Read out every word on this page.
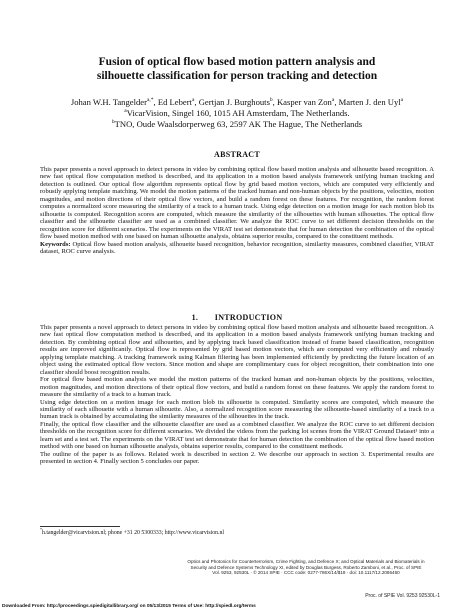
Fusion of optical flow based motion pattern analysis and
silhouette classification for person tracking and detection
Johan W.H. Tangelder$^{a,*}$, Ed Lebert$^a$, Gertjan J. Burghouts$^b$, Kasper van Zon$^a$, Marten J. den Uyl$^a$
$^a$VicarVision, Singel 160, 1015 AH Amsterdam, The Netherlands.
$^b$TNO, Oude Waalsdorperweg 63, 2597 AK The Hague, The Netherlands
ABSTRACT

This paper presents a novel approach to detect persons in video by combining optical flow based motion analysis and silhouette based recognition. A new fast optical flow computation method is described, and its application in a motion based analysis framework unifying human tracking and detection is outlined. Our optical flow algorithm represents optical flow by grid based motion vectors, which are computed very efficiently and robustly applying template matching. We model the motion patterns of the tracked human and non-human objects by the positions, velocities, motion magnitudes, and motion directions of their optical flow vectors, and build a random forest on these features. For recognition, the random forest computes a normalized score measuring the similarity of a track to a human track. Using edge detection on a motion image for each motion blob its silhouette is computed. Recognition scores are computed, which measure the similarity of the silhouettes with human silhouettes. The optical flow classifier and the silhouette classifier are used as a combined classifier. We analyze the ROC curve to set different decision thresholds on the recognition score for different scenarios. The experiments on the VIRAT test set demonstrate that for human detection the combination of the optical flow based motion method with one based on human silhouette analysis, obtains superior results, compared to the constituent methods.

Keywords: Optical flow based motion analysis, silhouette based recognition, behavior recognition, similarity measures, combined classifier, VIRAT dataset, ROC curve analysis.

1.  INTRODUCTION

This paper presents a novel approach to detect persons in video by combining optical flow based motion analysis and silhouette based recognition. A new fast optical flow computation method is described, and its application in a motion based analysis framework unifying human tracking and detection. By combining optical flow and silhouettes, and by applying track based classification instead of frame based classification, recognition results are improved significantly. Optical flow is represented by grid based motion vectors, which are computed very efficiently and robustly applying template matching. A tracking framework using Kalman filtering has been implemented efficiently by predicting the future location of an object using the estimated optical flow vectors. Since motion and shape are complimentary cues for object recognition, their combination into one classifier should boost recognition results.

For optical flow based motion analysis we model the motion patterns of the tracked human and non-human objects by the positions, velocities, motion magnitudes, and motion directions of their optical flow vectors, and build a random forest on these features. We apply the random forest to measure the similarity of a track to a human track.

Using edge detection on a motion image for each motion blob its silhouette is computed. Similarity scores are computed, which measure the similarity of each silhouette with a human silhouette. Also, a normalized recognition score measuring the silhouette-based similarity of a track to a human track is obtained by accumulating the similarity measures of the silhouettes in the track.

Finally, the optical flow classifier and the silhouette classifier are used as a combined classifier. We analyze the ROC curve to set different decision thresholds on the recognition score for different scenarios. We divided the videos from the parking lot scenes from the VIRAT Ground Dataset¹ into a learn set and a test set. The experiments on the VIRAT test set demonstrate that for human detection the combination of the optical flow based motion method with one based on human silhouette analysis, obtains superior results, compared to the constituent methods.

The outline of the paper is as follows. Related work is described in section 2. We describe our approach in section 3. Experimental results are presented in section 4. Finally section 5 concludes our paper.

*h.tangelder@vicarvision.nl; phone +31 20 5300333; http://www.vicarvision.nl
Optics and Photonics for Counterterrorism, Crime Fighting, and Defence X; and Optical Materials and Biomaterials in
Security and Defence Systems Technology XI, edited by Douglas Burgess, Roberto Zamboni, et al., Proc. of SPIE
Vol. 9253, 92530L · © 2014 SPIE · CCC code: 0277-786X/14/$18 · doi: 10.1117/12.2066460
Proc. of SPIE Vol. 9253 92530L-1
Downloaded From: http://proceedings.spiedigitallibrary.org/ on 05/13/2015 Terms of Use: http://spiedl.org/terms
